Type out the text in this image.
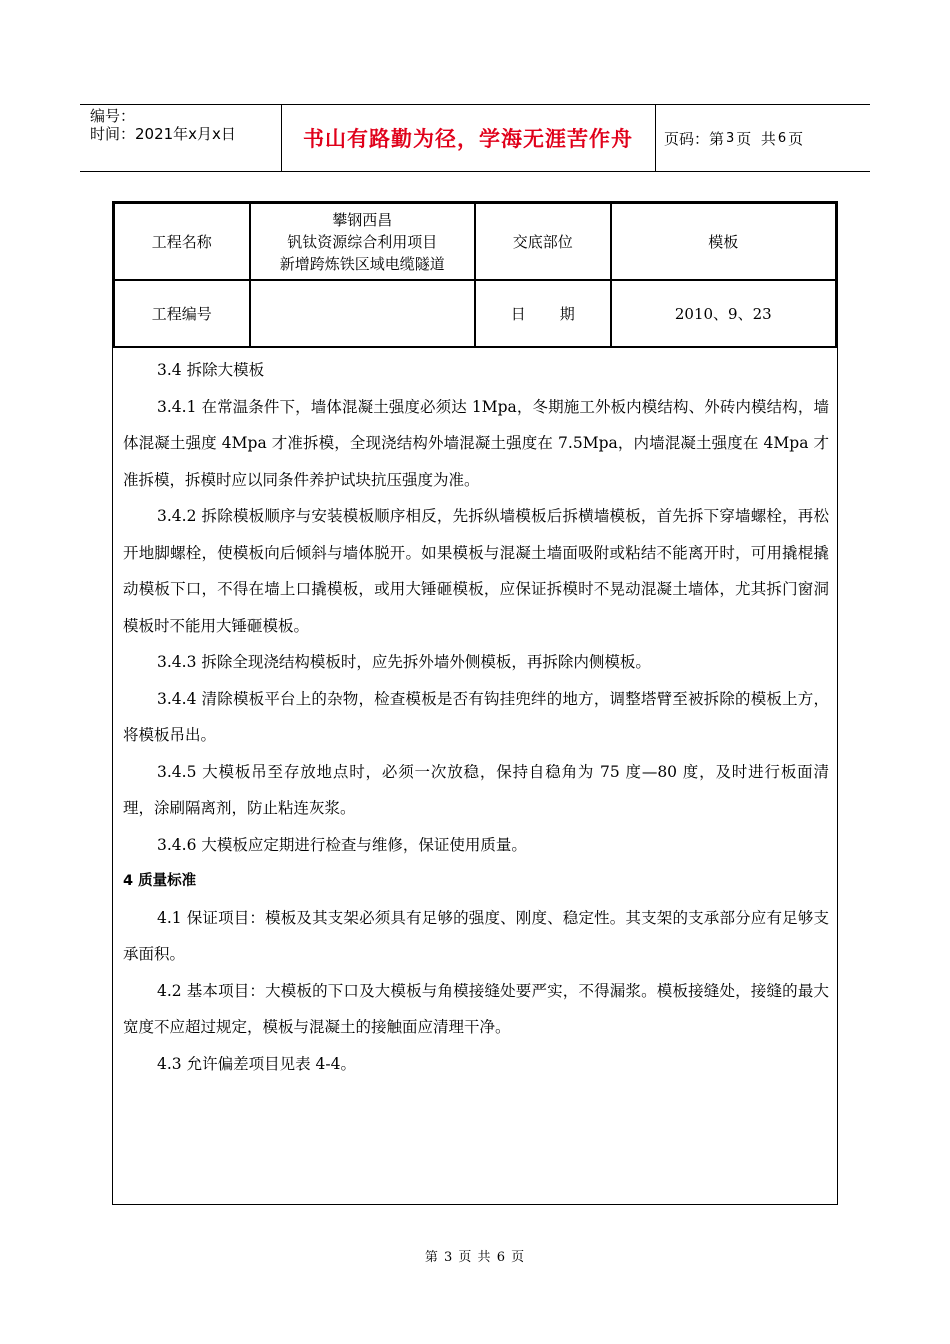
编号：
时间：2021年x月x日	书山有路勤为径，学海无涯苦作舟	页码：第 3 页  共 6 页
工程名称	攀钢西昌
钒钛资源综合利用项目
新增跨炼铁区域电缆隧道	交底部位	模板
工程编号		日 期	2010、9、23

3.4 拆除大模板

3.4.1 在常温条件下，墙体混凝土强度必须达 1Mpa，冬期施工外板内模结构、外砖内模结构，墙体混凝土强度 4Mpa 才准拆模，全现浇结构外墙混凝土强度在 7.5Mpa，内墙混凝土强度在 4Mpa 才准拆模，拆模时应以同条件养护试块抗压强度为准。

3.4.2 拆除模板顺序与安装模板顺序相反，先拆纵墙模板后拆横墙模板，首先拆下穿墙螺栓，再松开地脚螺栓，使模板向后倾斜与墙体脱开。如果模板与混凝土墙面吸附或粘结不能离开时，可用撬棍撬动模板下口，不得在墙上口撬模板，或用大锤砸模板，应保证拆模时不晃动混凝土墙体，尤其拆门窗洞模板时不能用大锤砸模板。

3.4.3 拆除全现浇结构模板时，应先拆外墙外侧模板，再拆除内侧模板。

3.4.4 清除模板平台上的杂物，检查模板是否有钩挂兜绊的地方，调整塔臂至被拆除的模板上方，将模板吊出。

3.4.5 大模板吊至存放地点时，必须一次放稳，保持自稳角为 75 度—80 度，及时进行板面清理，涂刷隔离剂，防止粘连灰浆。

3.4.6 大模板应定期进行检查与维修，保证使用质量。

4 质量标准

4.1 保证项目：模板及其支架必须具有足够的强度、刚度、稳定性。其支架的支承部分应有足够支承面积。

4.2 基本项目：大模板的下口及大模板与角模接缝处要严实，不得漏浆。模板接缝处，接缝的最大宽度不应超过规定，模板与混凝土的接触面应清理干净。

4.3 允许偏差项目见表 4-4。

第 3 页 共 6 页
